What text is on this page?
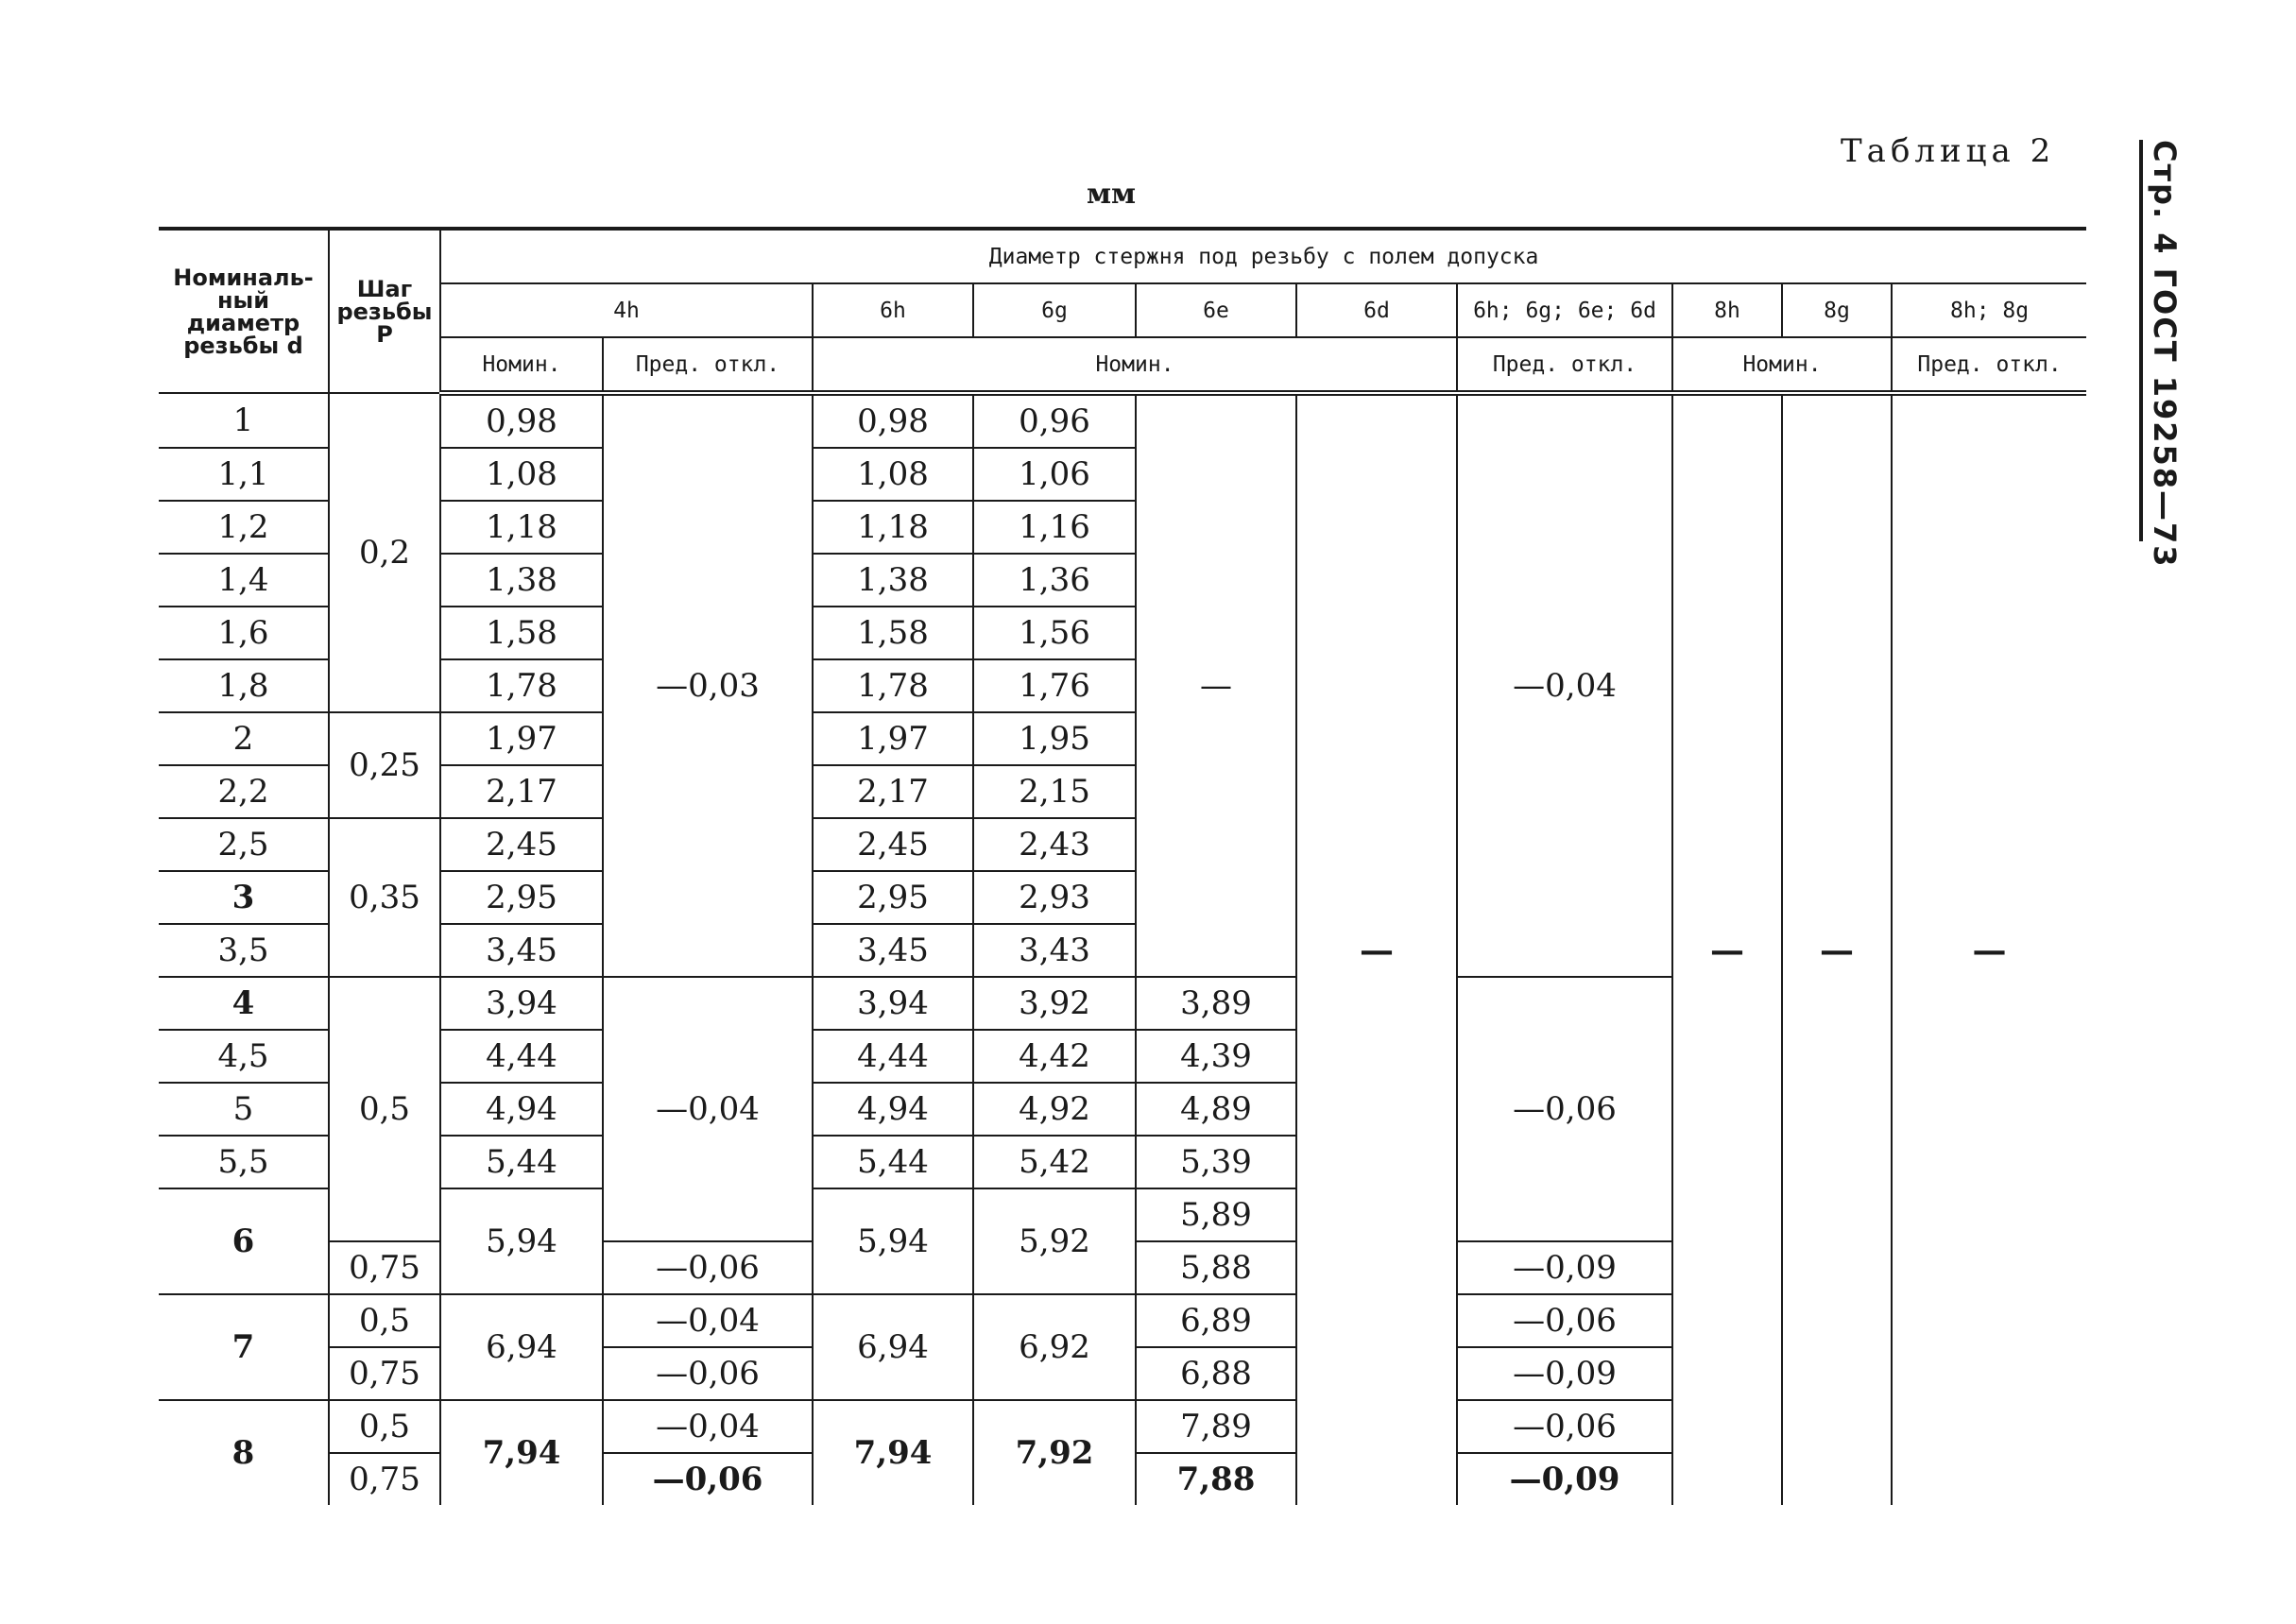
Таблица 2
мм	Стр. 4 ГОСТ 19258—73
Номиналь-ный диаметр резьбы d	Шаг резьбы P	Диаметр стержня под резьбу с полем допуска									
		4h		6h	6g	6e	6d	6h; 6g; 6e; 6d	8h	8g	8h; 8g
		Номин.	Пред. откл.	Номин.				Пред. откл.	Номин.		Пред. откл.
1	0,2	0,98	—0,03	0,98	0,96	—	—	—0,04	—	—	—
1,1		1,08		1,08	1,06						
1,2		1,18		1,18	1,16						
1,4		1,38		1,38	1,36						
1,6		1,58		1,58	1,56						
1,8		1,78		1,78	1,76						
2	0,25	1,97		1,97	1,95						
2,2		2,17		2,17	2,15						
2,5	0,35	2,45		2,45	2,43						
3		2,95		2,95	2,93						
3,5		3,45		3,45	3,43						
4	0,5	3,94	—0,04	3,94	3,92	3,89		—0,06			
4,5		4,44		4,44	4,42	4,39					
5		4,94		4,94	4,92	4,89					
5,5		5,44		5,44	5,42	5,39					
6		5,94		5,94	5,92	5,89					
	0,75		—0,06			5,88		—0,09			
7	0,5	6,94	—0,04	6,94	6,92	6,89		—0,06			
	0,75		—0,06			6,88		—0,09			
8	0,5	7,94	—0,04	7,94	7,92	7,89		—0,06			
	0,75		—0,06			7,88		—0,09			
